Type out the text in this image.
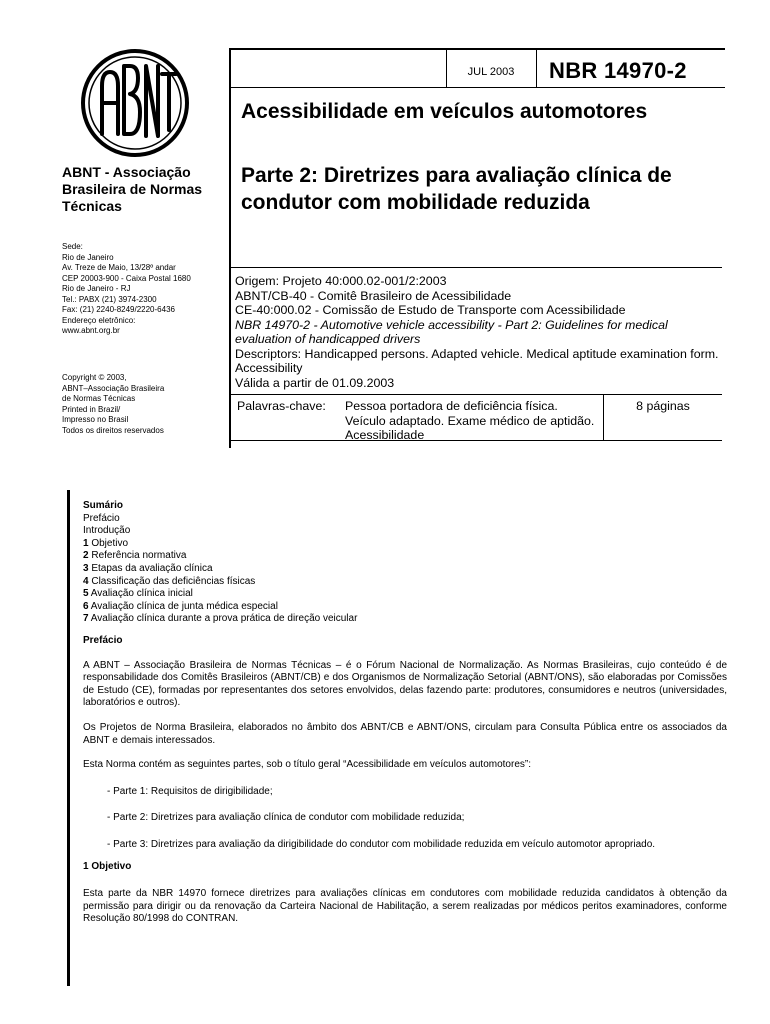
ABNT - Associação Brasileira de Normas Técnicas
Sede:
Rio de Janeiro
Av. Treze de Maio, 13/28º andar
CEP 20003-900 - Caixa Postal 1680
Rio de Janeiro - RJ
Tel.: PABX (21) 3974-2300
Fax: (21) 2240-8249/2220-6436
Endereço eletrônico:
www.abnt.org.br
Copyright © 2003,
ABNT–Associação Brasileira
de Normas Técnicas
Printed in Brazil/
Impresso no Brasil
Todos os direitos reservados
JUL 2003	NBR 14970-2
Acessibilidade em veículos automotores
Parte 2: Diretrizes para avaliação clínica de condutor com mobilidade reduzida
Origem: Projeto 40:000.02-001/2:2003
ABNT/CB-40 - Comitê Brasileiro de Acessibilidade
CE-40:000.02 - Comissão de Estudo de Transporte com Acessibilidade
NBR 14970-2 - Automotive vehicle accessibility - Part 2: Guidelines for medical evaluation of handicapped drivers
Descriptors: Handicapped persons. Adapted vehicle. Medical aptitude examination form. Accessibility
Válida a partir de 01.09.2003
Palavras-chave: Pessoa portadora de deficiência física. Veículo adaptado. Exame médico de aptidão. Acessibilidade
8 páginas
Sumário
Prefácio
Introdução
1 Objetivo
2 Referência normativa
3 Etapas da avaliação clínica
4 Classificação das deficiências físicas
5 Avaliação clínica inicial
6 Avaliação clínica de junta médica especial
7 Avaliação clínica durante a prova prática de direção veicular
Prefácio

A ABNT – Associação Brasileira de Normas Técnicas – é o Fórum Nacional de Normalização. As Normas Brasileiras, cujo conteúdo é de responsabilidade dos Comitês Brasileiros (ABNT/CB) e dos Organismos de Normalização Setorial (ABNT/ONS), são elaboradas por Comissões de Estudo (CE), formadas por representantes dos setores envolvidos, delas fazendo parte: produtores, consumidores e neutros (universidades, laboratórios e outros).

Os Projetos de Norma Brasileira, elaborados no âmbito dos ABNT/CB e ABNT/ONS, circulam para Consulta Pública entre os associados da ABNT e demais interessados.

Esta Norma contém as seguintes partes, sob o título geral “Acessibilidade em veículos automotores”:

- Parte 1: Requisitos de dirigibilidade;

- Parte 2: Diretrizes para avaliação clínica de condutor com mobilidade reduzida;

- Parte 3: Diretrizes para avaliação da dirigibilidade do condutor com mobilidade reduzida em veículo automotor apropriado.

1 Objetivo

Esta parte da NBR 14970 fornece diretrizes para avaliações clínicas em condutores com mobilidade reduzida candidatos à obtenção da permissão para dirigir ou da renovação da Carteira Nacional de Habilitação, a serem realizadas por médicos peritos examinadores, conforme Resolução 80/1998 do CONTRAN.
